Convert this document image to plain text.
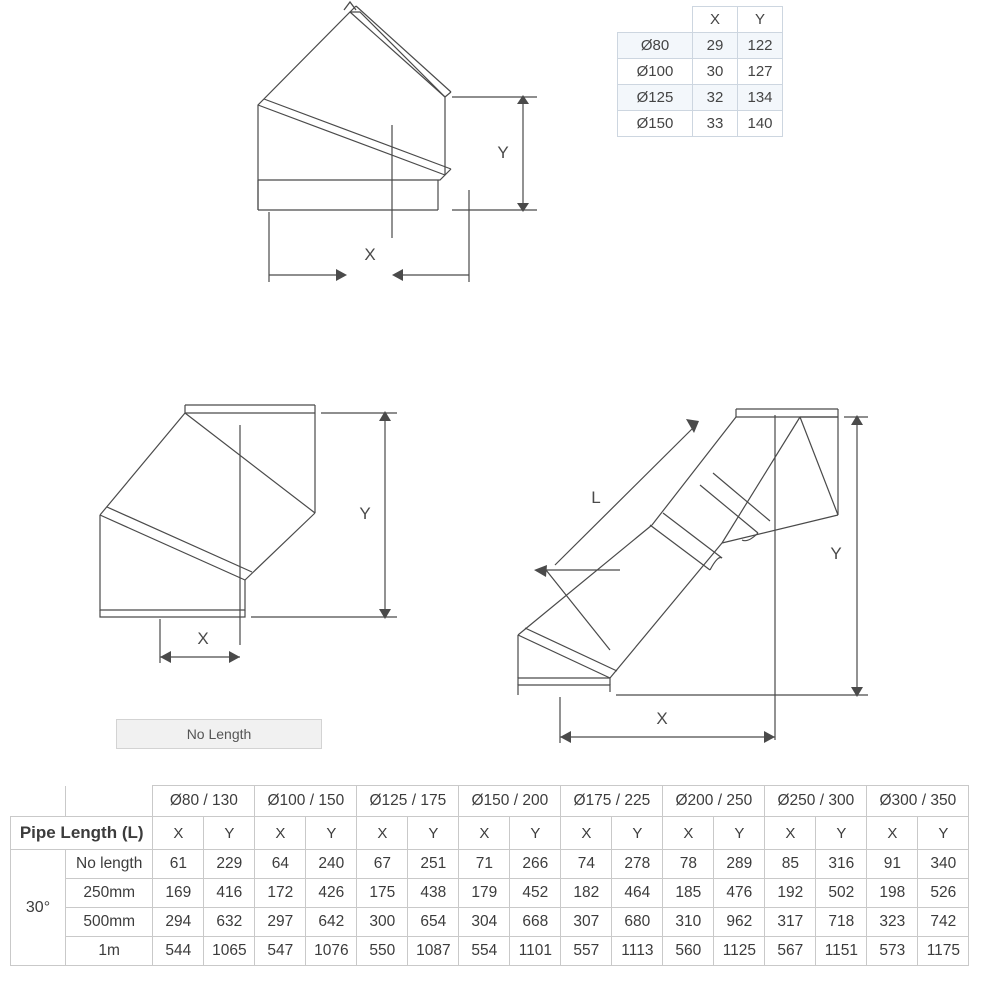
Y
X
	X	Y
Ø80	29	122
Ø100	30	127
Ø125	32	134
Ø150	33	140
Y
X
No Length
L
Y
X
		Ø80 / 130		Ø100 / 150		Ø125 / 175		Ø150 / 200		Ø175 / 225		Ø200 / 250		Ø250 / 300		Ø300 / 350	
Pipe Length (L)		X	Y	X	Y	X	Y	X	Y	X	Y	X	Y	X	Y	X	Y
30°	No length	61	229	64	240	67	251	71	266	74	278	78	289	85	316	91	340
	250mm	169	416	172	426	175	438	179	452	182	464	185	476	192	502	198	526
	500mm	294	632	297	642	300	654	304	668	307	680	310	962	317	718	323	742
	1m	544	1065	547	1076	550	1087	554	1101	557	1113	560	1125	567	1151	573	1175
